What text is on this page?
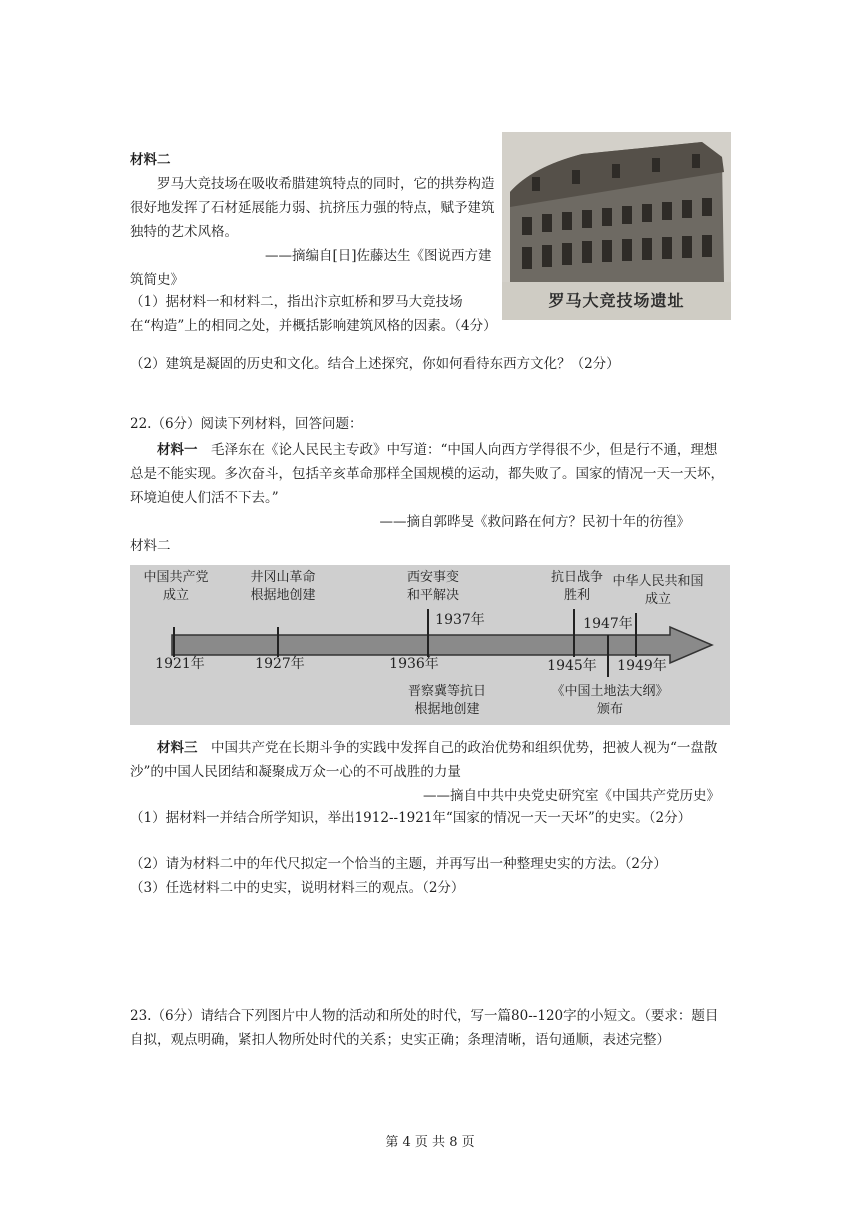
材料二
罗马大竞技场在吸收希腊建筑特点的同时，它的拱券构造很好地发挥了石材延展能力弱、抗挤压力强的特点，赋予建筑独特的艺术风格。
——摘编自[日]佐藤达生《图说西方建筑简史》
（1）据材料一和材料二，指出汴京虹桥和罗马大竞技场在“构造”上的相同之处，并概括影响建筑风格的因素。（4分）
罗马大竞技场遗址
（2）建筑是凝固的历史和文化。结合上述探究，你如何看待东西方文化？（2分）
22.（6分）阅读下列材料，回答问题：
材料一　 毛泽东在《论人民民主专政》中写道：“中国人向西方学得很不少，但是行不通，理想总是不能实现。多次奋斗，包括辛亥革命那样全国规模的运动，都失败了。国家的情况一天一天坏，环境迫使人们活不下去。”
——摘自郭晔旻《救问路在何方？民初十年的彷徨》
材料二
中国共产党
成立
井冈山革命
根据地创建
西安事变
和平解决
抗日战争
胜利
中华人民共和国
成立
1937年	1947年
1921年	1927年	1936年	1945年	1949年
晋察冀等抗日
根据地创建
《中国土地法大纲》
颁布
材料三　 中国共产党在长期斗争的实践中发挥自己的政治优势和组织优势，把被人视为“一盘散沙”的中国人民团结和凝聚成万众一心的不可战胜的力量
——摘自中共中央党史研究室《中国共产党历史》
（1）据材料一并结合所学知识，举出1912--1921年“国家的情况一天一天坏”的史实。（2分）
（2）请为材料二中的年代尺拟定一个恰当的主题，并再写出一种整理史实的方法。（2分）
（3）任选材料二中的史实，说明材料三的观点。（2分）
23.（6分）请结合下列图片中人物的活动和所处的时代，写一篇80--120字的小短文。（要求：题目自拟，观点明确，紧扣人物所处时代的关系；史实正确；条理清晰，语句通顺，表述完整）
第 4 页 共 8 页
